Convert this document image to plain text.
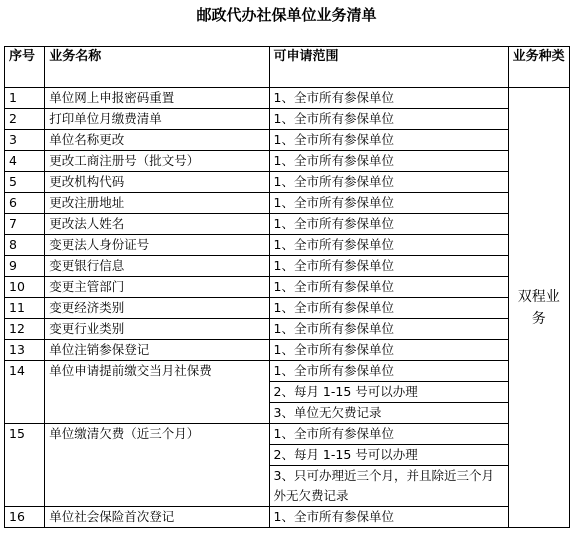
邮政代办社保单位业务清单
序号	业务名称	可申请范围	业务种类
1	单位网上申报密码重置	1、全市所有参保单位	双程业务
2	打印单位月缴费清单	1、全市所有参保单位	
3	单位名称更改	1、全市所有参保单位	
4	更改工商注册号（批文号）	1、全市所有参保单位	
5	更改机构代码	1、全市所有参保单位	
6	更改注册地址	1、全市所有参保单位	
7	更改法人姓名	1、全市所有参保单位	
8	变更法人身份证号	1、全市所有参保单位	
9	变更银行信息	1、全市所有参保单位	
10	变更主管部门	1、全市所有参保单位	
11	变更经济类别	1、全市所有参保单位	
12	变更行业类别	1、全市所有参保单位	
13	单位注销参保登记	1、全市所有参保单位	
14	单位申请提前缴交当月社保费	1、全市所有参保单位	
		2、每月 1-15 号可以办理	
		3、单位无欠费记录	
15	单位缴清欠费（近三个月）	1、全市所有参保单位	
		2、每月 1-15 号可以办理	
		3、只可办理近三个月，并且除近三个月外无欠费记录	
16	单位社会保险首次登记	1、全市所有参保单位	
